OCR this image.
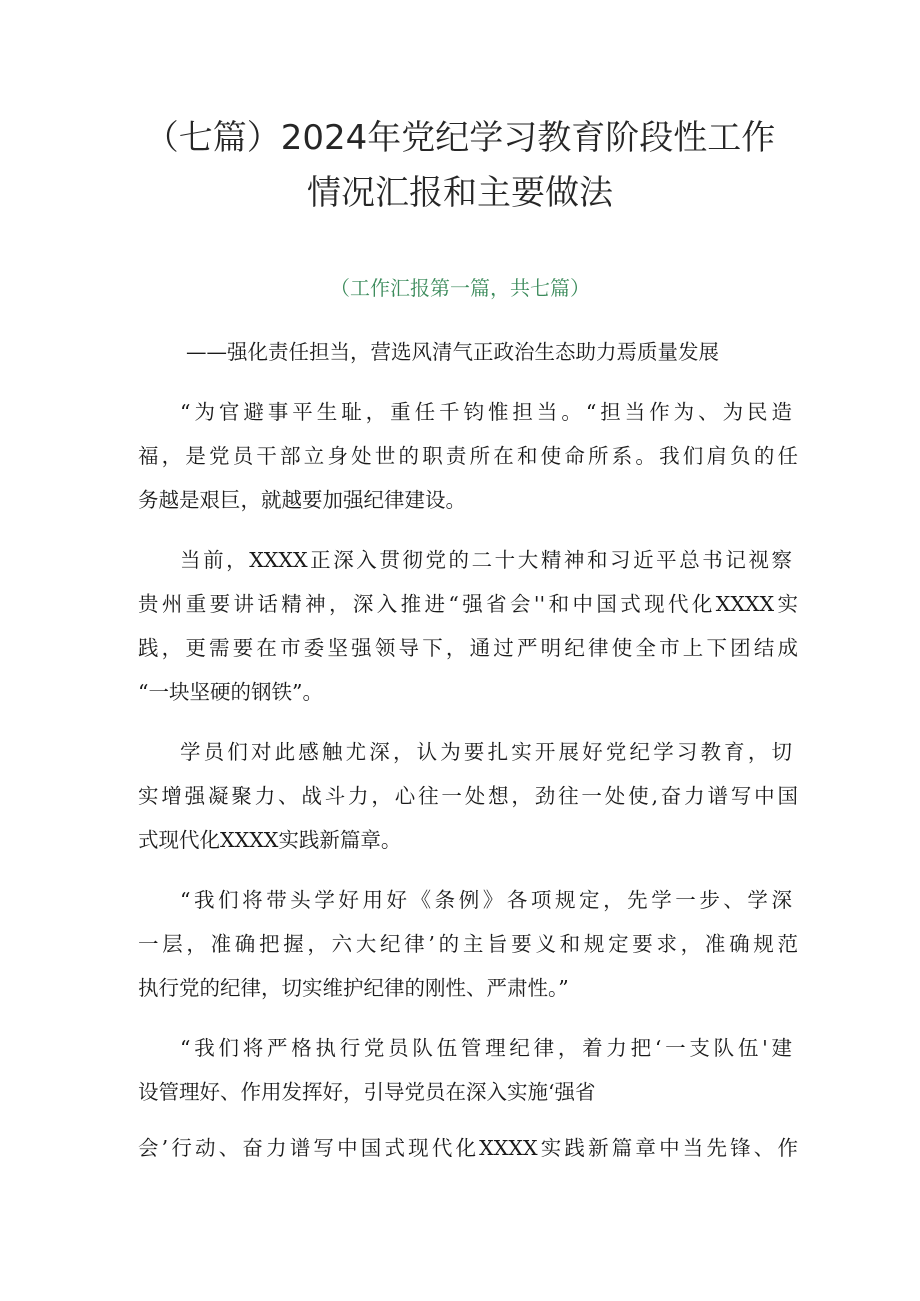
（七篇）2024年党纪学习教育阶段性工作
情况汇报和主要做法

（工作汇报第一篇，共七篇）

——强化责任担当，营选风清气正政治生态助力焉质量发展

“为官避事平生耻，重任千钧惟担当。“担当作为、为民造

福，是党员干部立身处世的职责所在和使命所系。我们肩负的任

务越是艰巨，就越要加强纪律建设。

当前，XXXX正深入贯彻党的二十大精神和习近平总书记视察

贵州重要讲话精神，深入推进“强省会''和中国式现代化XXXX实

践，更需要在市委坚强领导下，通过严明纪律使全市上下团结成

“一块坚硬的钢铁”。

学员们对此感触尤深，认为要扎实开展好党纪学习教育，切

实增强凝聚力、战斗力，心往一处想，劲往一处使,奋力谱写中国

式现代化XXXX实践新篇章。

“我们将带头学好用好《条例》各项规定，先学一步、学深

一层，准确把握，六大纪律’的主旨要义和规定要求，准确规范

执行党的纪律，切实维护纪律的刚性、严肃性。”

“我们将严格执行党员队伍管理纪律，着力把‘一支队伍'建

设管理好、作用发挥好，引导党员在深入实施‘强省

会’行动、奋力谱写中国式现代化XXXX实践新篇章中当先锋、作
